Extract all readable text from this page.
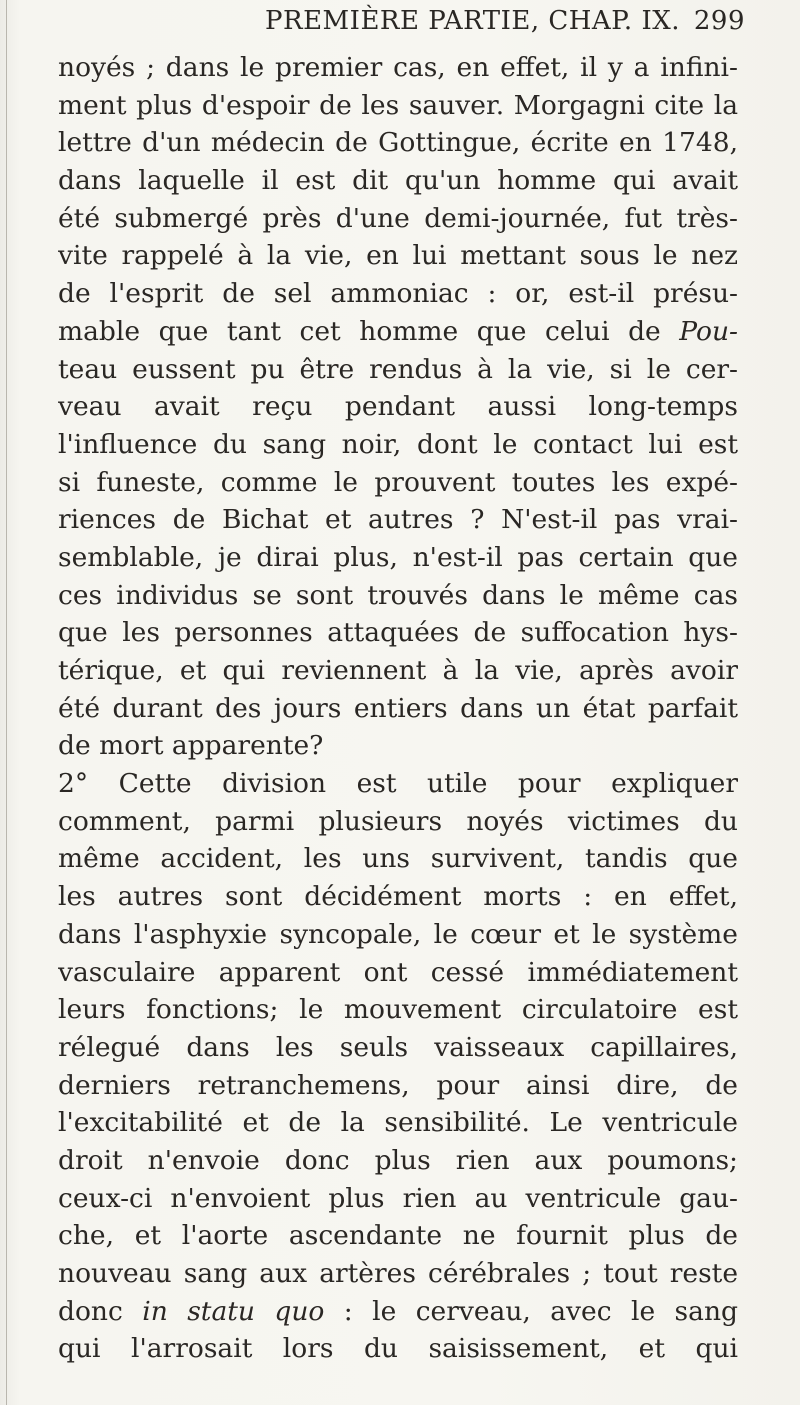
PREMIÈRE PARTIE, CHAP. IX. 299
noyés ; dans le premier cas, en effet, il y a infini-
ment plus d'espoir de les sauver. Morgagni cite la
lettre d'un médecin de Gottingue, écrite en 1748,
dans laquelle il est dit qu'un homme qui avait
été submergé près d'une demi-journée, fut très-
vite rappelé à la vie, en lui mettant sous le nez
de l'esprit de sel ammoniac : or, est-il présu-
mable que tant cet homme que celui de Pou-
teau eussent pu être rendus à la vie, si le cer-
veau avait reçu pendant aussi long-temps
l'influence du sang noir, dont le contact lui est
si funeste, comme le prouvent toutes les expé-
riences de Bichat et autres ? N'est-il pas vrai-
semblable, je dirai plus, n'est-il pas certain que
ces individus se sont trouvés dans le même cas
que les personnes attaquées de suffocation hys-
térique, et qui reviennent à la vie, après avoir
été durant des jours entiers dans un état parfait
de mort apparente?
2° Cette division est utile pour expliquer
comment, parmi plusieurs noyés victimes du
même accident, les uns survivent, tandis que
les autres sont décidément morts : en effet,
dans l'asphyxie syncopale, le cœur et le système
vasculaire apparent ont cessé immédiatement
leurs fonctions; le mouvement circulatoire est
rélegué dans les seuls vaisseaux capillaires,
derniers retranchemens, pour ainsi dire, de
l'excitabilité et de la sensibilité. Le ventricule
droit n'envoie donc plus rien aux poumons;
ceux-ci n'envoient plus rien au ventricule gau-
che, et l'aorte ascendante ne fournit plus de
nouveau sang aux artères cérébrales ; tout reste
donc in statu quo : le cerveau, avec le sang
qui l'arrosait lors du saisissement, et qui
